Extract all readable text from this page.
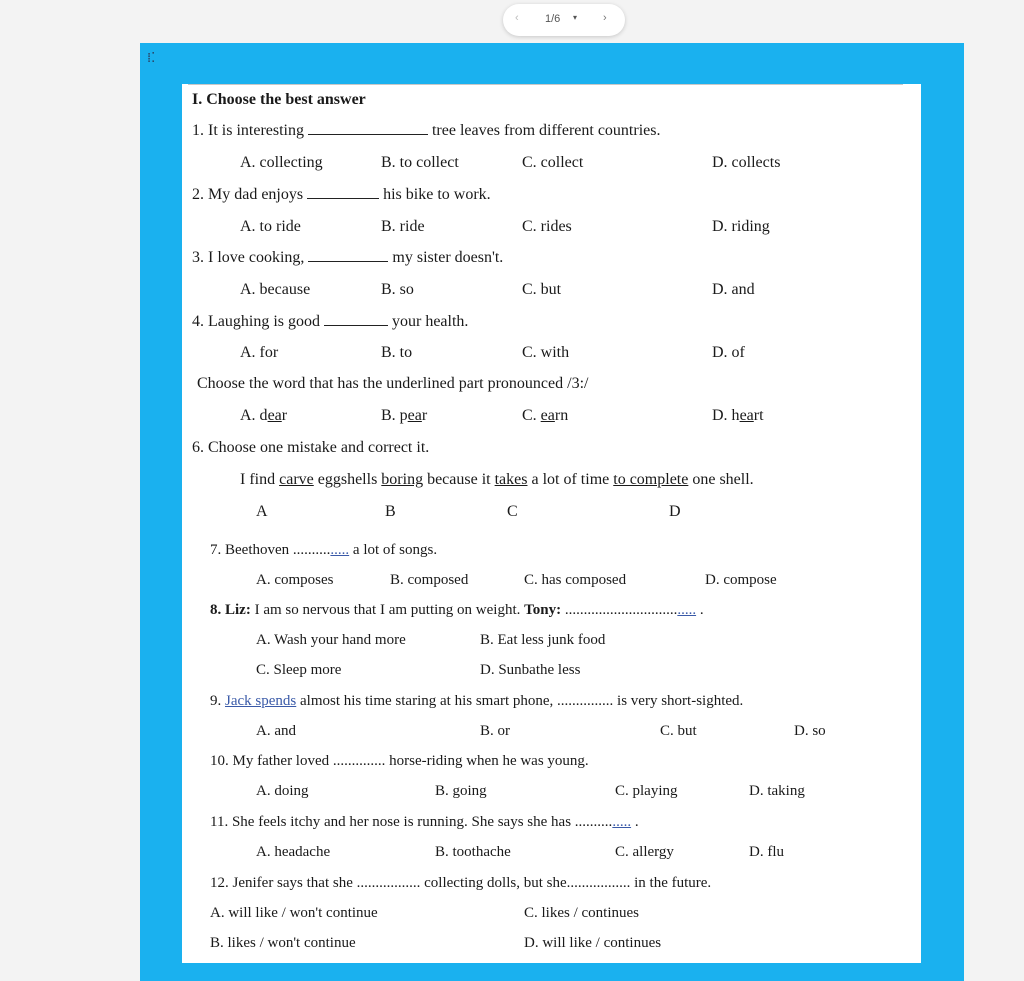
‹ 1/6 ▾ ›
⁞⁚
I. Choose the best answer
1. It is interesting	tree leaves from different countries.
A. collecting	B. to collect	C. collect	D. collects
2. My dad enjoys	his bike to work.
A. to ride	B. ride	C. rides	D. riding
3. I love cooking,	my sister doesn't.
A. because	B. so	C. but	D. and
4. Laughing is good	your health.
A. for	B. to	C. with	D. of
Choose the word that has the underlined part pronounced /3:/
A. dear	B. pear	C. earn	D. heart
6. Choose one mistake and correct it.
I find carve eggshells boring because it takes a lot of time to complete one shell.
A	B	C	D
7. Beethoven ............... a lot of songs.
A. composes	B. composed	C. has composed	D. compose
8. Liz: I am so nervous that I am putting on weight. Tony: ................................... .
A. Wash your hand more	B. Eat less junk food
C. Sleep more	D. Sunbathe less
9. Jack spends almost his time staring at his smart phone, ............... is very short-sighted.
A. and	B. or	C. but	D. so
10. My father loved .............. horse-riding when he was young.
A. doing	B. going	C. playing	D. taking
11. She feels itchy and her nose is running. She says she has ............... .
A. headache	B. toothache	C. allergy	D. flu
12. Jenifer says that she ................. collecting dolls, but she................. in the future.
A. will like / won't continue	C. likes / continues
B. likes / won't continue	D. will like / continues
